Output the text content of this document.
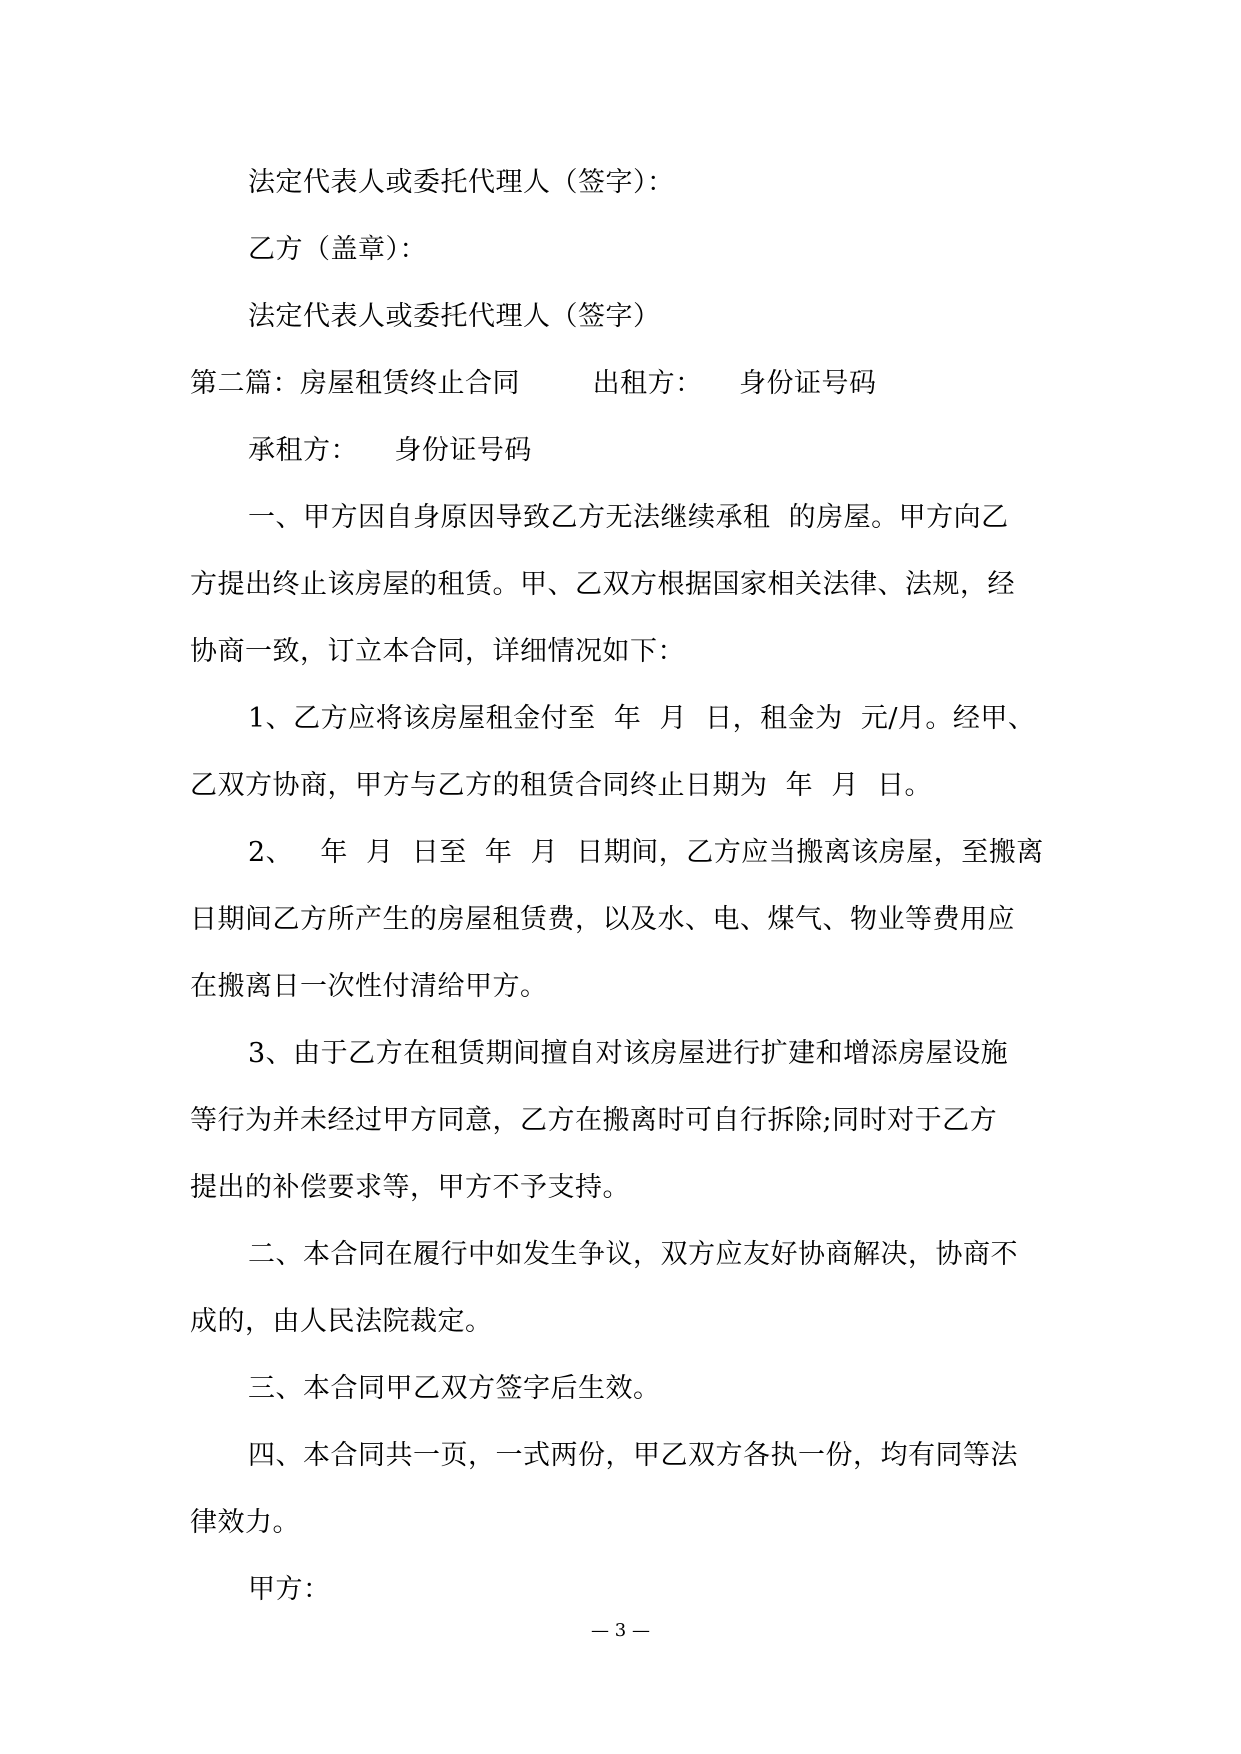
法定代表人或委托代理人（签字）：
乙方（盖章）：
法定代表人或委托代理人（签字）
第二篇：房屋租赁终止合同        出租方：    身份证号码
承租方：    身份证号码
一、甲方因自身原因导致乙方无法继续承租  的房屋。甲方向乙
方提出终止该房屋的租赁。甲、乙双方根据国家相关法律、法规，经
协商一致，订立本合同，详细情况如下：
1、乙方应将该房屋租金付至  年  月  日，租金为  元/月。经甲、
乙双方协商，甲方与乙方的租赁合同终止日期为  年  月  日。
2、   年  月  日至  年  月  日期间，乙方应当搬离该房屋，至搬离
日期间乙方所产生的房屋租赁费，以及水、电、煤气、物业等费用应
在搬离日一次性付清给甲方。
3、由于乙方在租赁期间擅自对该房屋进行扩建和增添房屋设施
等行为并未经过甲方同意，乙方在搬离时可自行拆除;同时对于乙方
提出的补偿要求等，甲方不予支持。
二、本合同在履行中如发生争议，双方应友好协商解决，协商不
成的，由人民法院裁定。
三、本合同甲乙双方签字后生效。
四、本合同共一页，一式两份，甲乙双方各执一份，均有同等法
律效力。
甲方：
— 3 —
